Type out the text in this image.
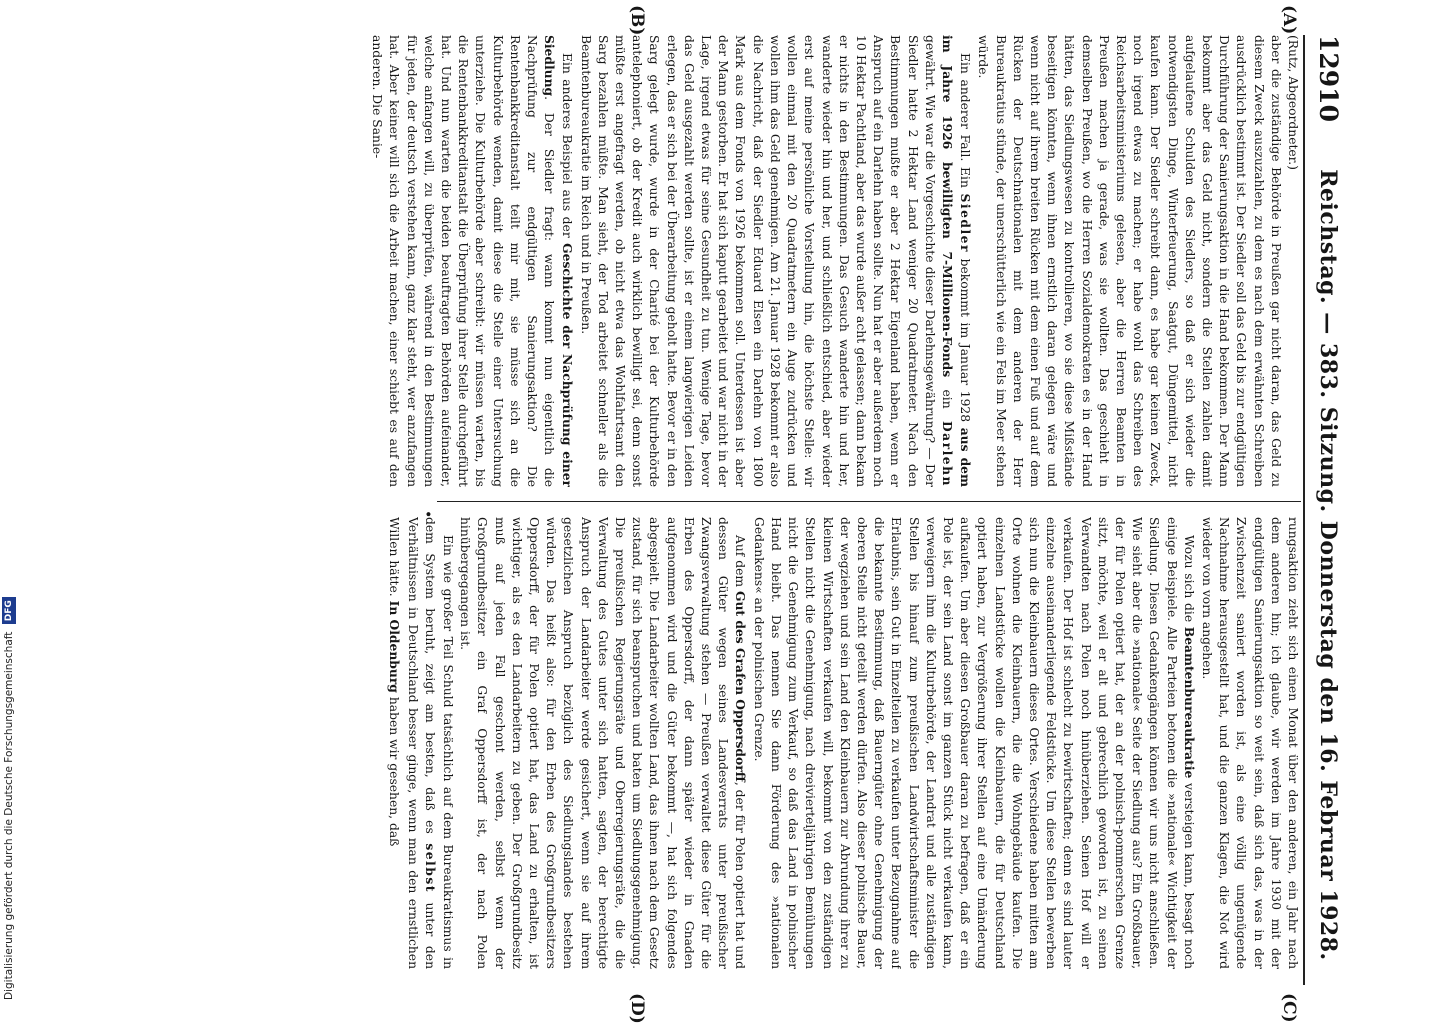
12910
Reichstag. — 383. Sitzung. Donnerstag den 16. Februar 1928.
(A)
(B)
(C)
(D)
•

(Rutz, Abgeordneter.)

aber die zuständige Behörde in Preußen gar nicht daran, das Geld zu diesem Zweck auszuzahlen, zu dem es nach dem erwähnten Schreiben ausdrücklich bestimmt ist. Der Siedler soll das Geld bis zur endgültigen Durchführung der Sanierungsaktion in die Hand bekommen. Der Mann bekommt aber das Geld nicht, sondern die Stellen zahlen damit aufgelaufene Schulden des Siedlers, so daß er sich wieder die notwendigsten Dinge, Winterfeuerung, Saatgut, Düngemittel, nicht kaufen kann. Der Siedler schreibt dann, es habe gar keinen Zweck, noch irgend etwas zu machen; er habe wohl das Schreiben des Reichsarbeitsministeriums gelesen, aber die Herren Beamten in Preußen machen ja gerade, was sie wollten. Das geschieht in demselben Preußen, wo die Herren Sozialdemokraten es in der Hand hätten, das Siedlungswesen zu kontrollieren, wo sie diese Mißstände beseitigen könnten, wenn ihnen ernstlich daran gelegen wäre und wenn nicht auf ihrem breiten Rücken mit dem einen Fuß und auf dem Rücken der Deutschnationalen mit dem anderen der Herr Bureaukratius stünde, der unerschütterlich wie ein Fels im Meer stehen würde.

Ein anderer Fall. Ein Siedler bekommt im Januar 1928 aus dem im Jahre 1926 bewilligten 7-Millionen-Fonds ein Darlehn gewährt. Wie war die Vorgeschichte dieser Darlehnsgewährung? — Der Siedler hatte 2 Hektar Land weniger 20 Quadratmeter. Nach den Bestimmungen mußte er aber 2 Hektar Eigenland haben, wenn er Anspruch auf ein Darlehn haben sollte. Nun hat er aber außerdem noch 10 Hektar Pachtland, aber das wurde außer acht gelassen; dann bekam er nichts in den Bestimmungen. Das Gesuch wanderte hin und her, wanderte wieder hin und her, und schließlich entschied, aber wieder erst auf meine persönliche Vorstellung hin, die höchste Stelle: wir wollen einmal mit den 20 Quadratmetern ein Auge zudrücken und wollen ihm das Geld genehmigen. Am 21. Januar 1928 bekommt er also die Nachricht, daß der Siedler Eduard Elsen ein Darlehn von 1800 Mark aus dem Fonds von 1926 bekommen soll. Unterdessen ist aber der Mann gestorben. Er hat sich kaputt gearbeitet und war nicht in der Lage, irgend etwas für seine Gesundheit zu tun. Wenige Tage, bevor das Geld ausgezahlt werden sollte, ist er einem langwierigen Leiden erlegen, das er sich bei der Überarbeitung geholt hatte. Bevor er in den Sarg gelegt wurde, wurde in der Charité bei der Kulturbehörde antelephoniert, ob der Kredit auch wirklich bewilligt sei, denn sonst müßte erst angefragt werden, ob nicht etwa das Wohlfahrtsamt den Sarg bezahlen müßte. Man sieht, der Tod arbeitet schneller als die Beamtenbureaukratie im Reich und in Preußen.

Ein anderes Beispiel aus der Geschichte der Nachprüfung einer Siedlung. Der Siedler fragt: wann kommt nun eigentlich die Nachprüfung zur endgültigen Sanierungsaktion? Die Rentenbankkreditanstalt teilt mir mit, sie müsse sich an die Kulturbehörde wenden, damit diese die Stelle einer Untersuchung unterziehe. Die Kulturbehörde aber schreibt: wir müssen warten, bis die Rentenbankkreditanstalt die Überprüfung ihrer Stelle durchgeführt hat. Und nun warten die beiden beauftragten Behörden aufeinander, welche anfangen will, zu überprüfen, während in den Bestimmungen für jeden, der deutsch verstehen kann, ganz klar steht, wer anzufangen hat. Aber keiner will sich die Arbeit machen, einer schiebt es auf den anderen. Die Sanie-

rungsaktion zieht sich einen Monat über den anderen, ein Jahr nach dem anderen hin; ich glaube, wir werden im Jahre 1930 mit der endgültigen Sanierungsaktion so weit sein, daß sich das, was in der Zwischenzeit saniert worden ist, als eine völlig ungenügende Nachnahme herausgestellt hat, und die ganzen Klagen, die Not wird wieder von vorn angehen.

Wozu sich die Beamtenbureaukratie versteigen kann, besagt noch einige Beispiele. Alle Parteien betonen die »nationale« Wichtigkeit der Siedlung. Diesen Gedankengängen können wir uns nicht anschließen. Wie sieht aber die »nationale« Seite der Siedlung aus? Ein Großbauer, der für Polen optiert hat, der an der polnisch-pommerschen Grenze sitzt, möchte, weil er alt und gebrechlich geworden ist, zu seinen Verwandten nach Polen noch hinüberziehen. Seinen Hof will er verkaufen. Der Hof ist schlecht zu bewirtschaften; denn es sind lauter einzelne auseinanderliegende Feldstücke. Um diese Stellen bewerben sich nun die Kleinbauern dieses Ortes. Verschiedene haben mitten am Orte wohnen die Kleinbauern, die die Wohngebäude kaufen. Die einzelnen Landstücke wollen die Kleinbauern, die für Deutschland optiert haben, zur Vergrößerung ihrer Stellen auf eine Umänderung aufkaufen. Um aber diesen Großbauer daran zu befragen, daß er ein Pole ist, der sein Land sonst im ganzen Stück nicht verkaufen kann, verweigern ihm die Kulturbehörde, der Landrat und alle zuständigen Stellen bis hinauf zum preußischen Landwirtschaftsminister die Erlaubnis, sein Gut in Einzelteilen zu verkaufen unter Bezugnahme auf die bekannte Bestimmung, daß Bauerngüter ohne Genehmigung der oberen Stelle nicht geteilt werden dürfen. Also dieser polnische Bauer, der wegziehen und sein Land den Kleinbauern zur Abrundung ihrer zu kleinen Wirtschaften verkaufen will, bekommt von den zuständigen Stellen nicht die Genehmigung, nach dreivierteljährigen Bemühungen nicht die Genehmigung zum Verkauf, so daß das Land in polnischer Hand bleibt. Das nennen Sie dann Förderung des »nationalen Gedankens« an der polnischen Grenze.

Auf dem Gut des Grafen Oppersdorff, der für Polen optiert hat und dessen Güter wegen seines Landesverrats unter preußischer Zwangsverwaltung stehen — Preußen verwaltet diese Güter für die Erben des Oppersdorff, der dann später wieder in Gnaden aufgenommen wird und die Güter bekommt —, hat sich folgendes abgespielt. Die Landarbeiter wollten Land, das ihnen nach dem Gesetz zustand, für sich beanspruchen und baten um Siedlungsgenehmigung. Die preußischen Regierungsräte und Oberregierungsräte, die die Verwaltung des Gutes unter sich hatten, sagten, der berechtigte Anspruch der Landarbeiter werde gesichert, wenn sie auf ihrem gesetzlichen Anspruch bezüglich des Siedlungslandes bestehen würden. Das heißt also: für den Erben des Großgrundbesitzers Oppersdorff, der für Polen optiert hat, das Land zu erhalten, ist wichtiger, als es den Landarbeitern zu geben. Der Großgrundbesitz muß auf jeden Fall geschont werden, selbst wenn der Großgrundbesitzer ein Graf Oppersdorff ist, der nach Polen hinübergegangen ist.

Ein wie großer Teil Schuld tatsächlich auf dem Bureaukratismus in dem System beruht, zeigt am besten, daß es selbst unter den Verhältnissen in Deutschland besser ginge, wenn man den ernstlichen Willen hätte. In Oldenburg haben wir gesehen, daß

Digitalisierung gefördert durch die Deutsche Forschungsgemeinschaft DFG
